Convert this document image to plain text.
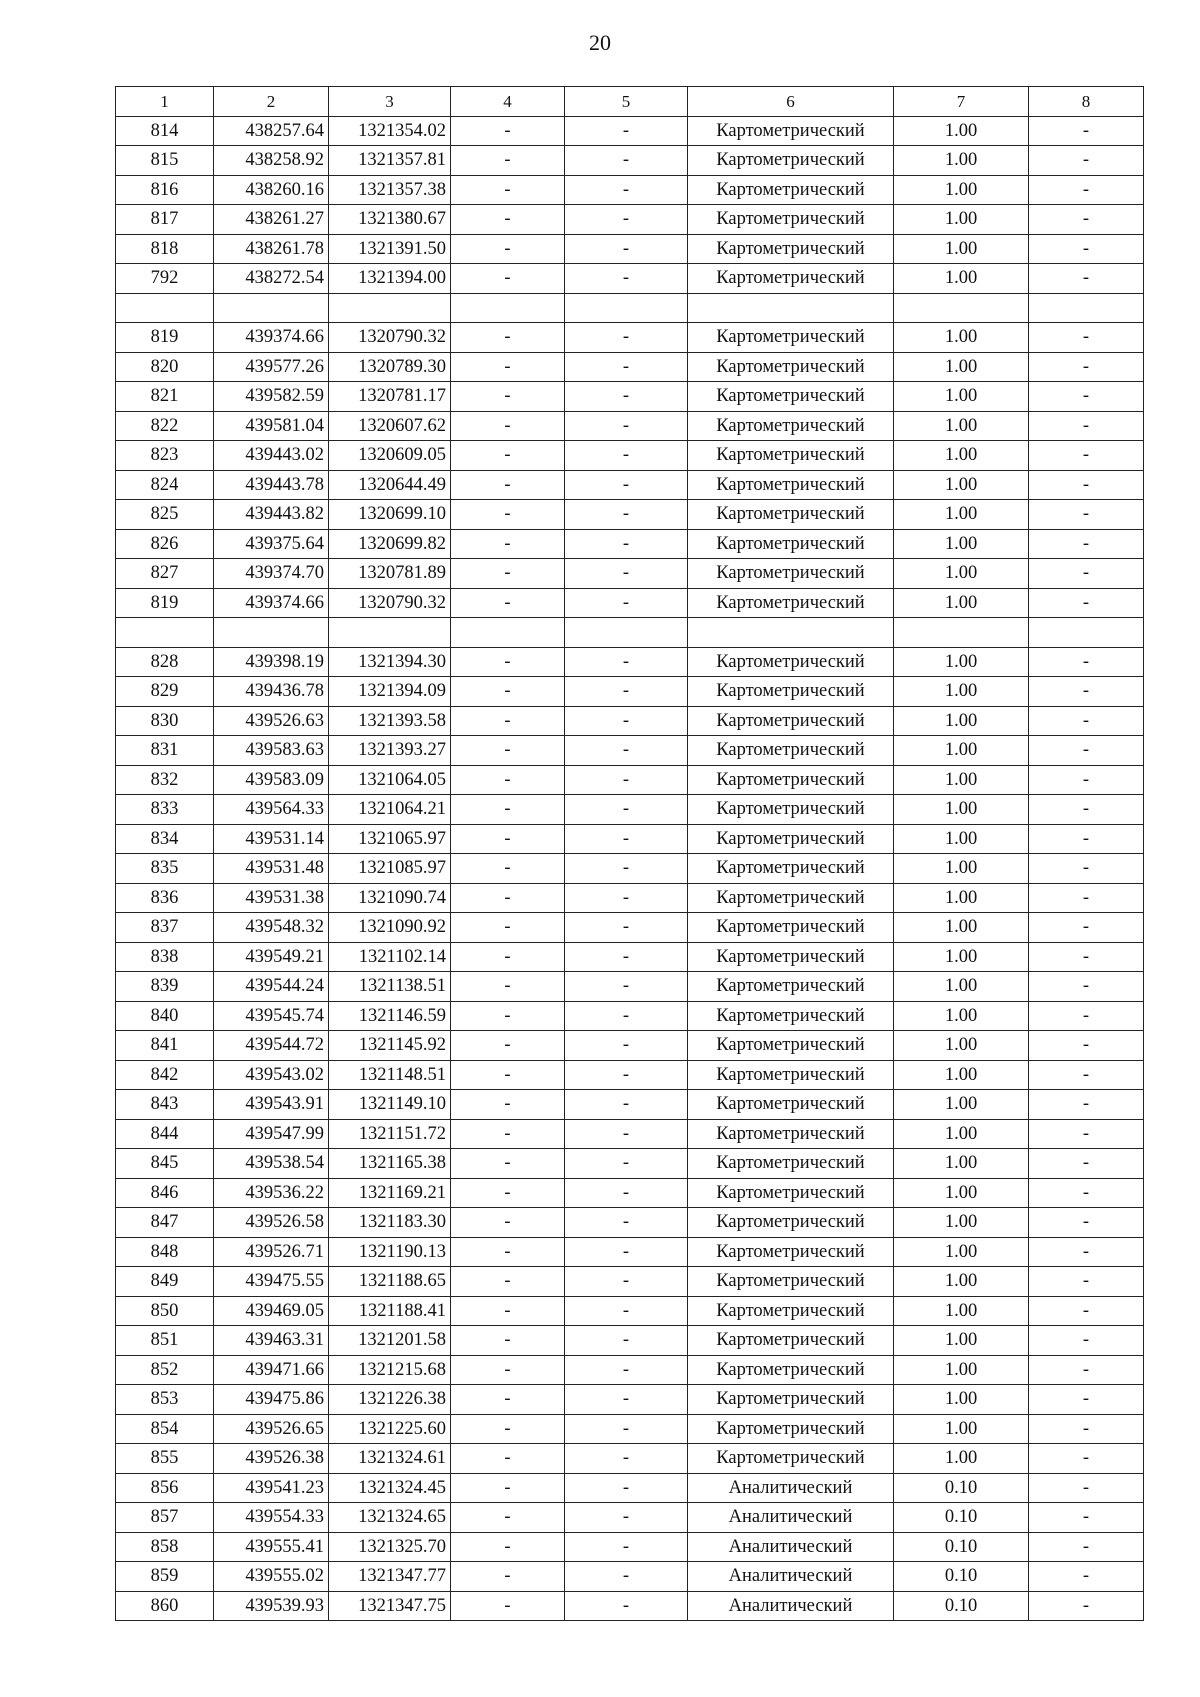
20
1	2	3	4	5	6	7	8
814	438257.64	1321354.02	-	-	Картометрический	1.00	-
815	438258.92	1321357.81	-	-	Картометрический	1.00	-
816	438260.16	1321357.38	-	-	Картометрический	1.00	-
817	438261.27	1321380.67	-	-	Картометрический	1.00	-
818	438261.78	1321391.50	-	-	Картометрический	1.00	-
792	438272.54	1321394.00	-	-	Картометрический	1.00	-

819	439374.66	1320790.32	-	-	Картометрический	1.00	-
820	439577.26	1320789.30	-	-	Картометрический	1.00	-
821	439582.59	1320781.17	-	-	Картометрический	1.00	-
822	439581.04	1320607.62	-	-	Картометрический	1.00	-
823	439443.02	1320609.05	-	-	Картометрический	1.00	-
824	439443.78	1320644.49	-	-	Картометрический	1.00	-
825	439443.82	1320699.10	-	-	Картометрический	1.00	-
826	439375.64	1320699.82	-	-	Картометрический	1.00	-
827	439374.70	1320781.89	-	-	Картометрический	1.00	-
819	439374.66	1320790.32	-	-	Картометрический	1.00	-

828	439398.19	1321394.30	-	-	Картометрический	1.00	-
829	439436.78	1321394.09	-	-	Картометрический	1.00	-
830	439526.63	1321393.58	-	-	Картометрический	1.00	-
831	439583.63	1321393.27	-	-	Картометрический	1.00	-
832	439583.09	1321064.05	-	-	Картометрический	1.00	-
833	439564.33	1321064.21	-	-	Картометрический	1.00	-
834	439531.14	1321065.97	-	-	Картометрический	1.00	-
835	439531.48	1321085.97	-	-	Картометрический	1.00	-
836	439531.38	1321090.74	-	-	Картометрический	1.00	-
837	439548.32	1321090.92	-	-	Картометрический	1.00	-
838	439549.21	1321102.14	-	-	Картометрический	1.00	-
839	439544.24	1321138.51	-	-	Картометрический	1.00	-
840	439545.74	1321146.59	-	-	Картометрический	1.00	-
841	439544.72	1321145.92	-	-	Картометрический	1.00	-
842	439543.02	1321148.51	-	-	Картометрический	1.00	-
843	439543.91	1321149.10	-	-	Картометрический	1.00	-
844	439547.99	1321151.72	-	-	Картометрический	1.00	-
845	439538.54	1321165.38	-	-	Картометрический	1.00	-
846	439536.22	1321169.21	-	-	Картометрический	1.00	-
847	439526.58	1321183.30	-	-	Картометрический	1.00	-
848	439526.71	1321190.13	-	-	Картометрический	1.00	-
849	439475.55	1321188.65	-	-	Картометрический	1.00	-
850	439469.05	1321188.41	-	-	Картометрический	1.00	-
851	439463.31	1321201.58	-	-	Картометрический	1.00	-
852	439471.66	1321215.68	-	-	Картометрический	1.00	-
853	439475.86	1321226.38	-	-	Картометрический	1.00	-
854	439526.65	1321225.60	-	-	Картометрический	1.00	-
855	439526.38	1321324.61	-	-	Картометрический	1.00	-
856	439541.23	1321324.45	-	-	Аналитический	0.10	-
857	439554.33	1321324.65	-	-	Аналитический	0.10	-
858	439555.41	1321325.70	-	-	Аналитический	0.10	-
859	439555.02	1321347.77	-	-	Аналитический	0.10	-
860	439539.93	1321347.75	-	-	Аналитический	0.10	-
